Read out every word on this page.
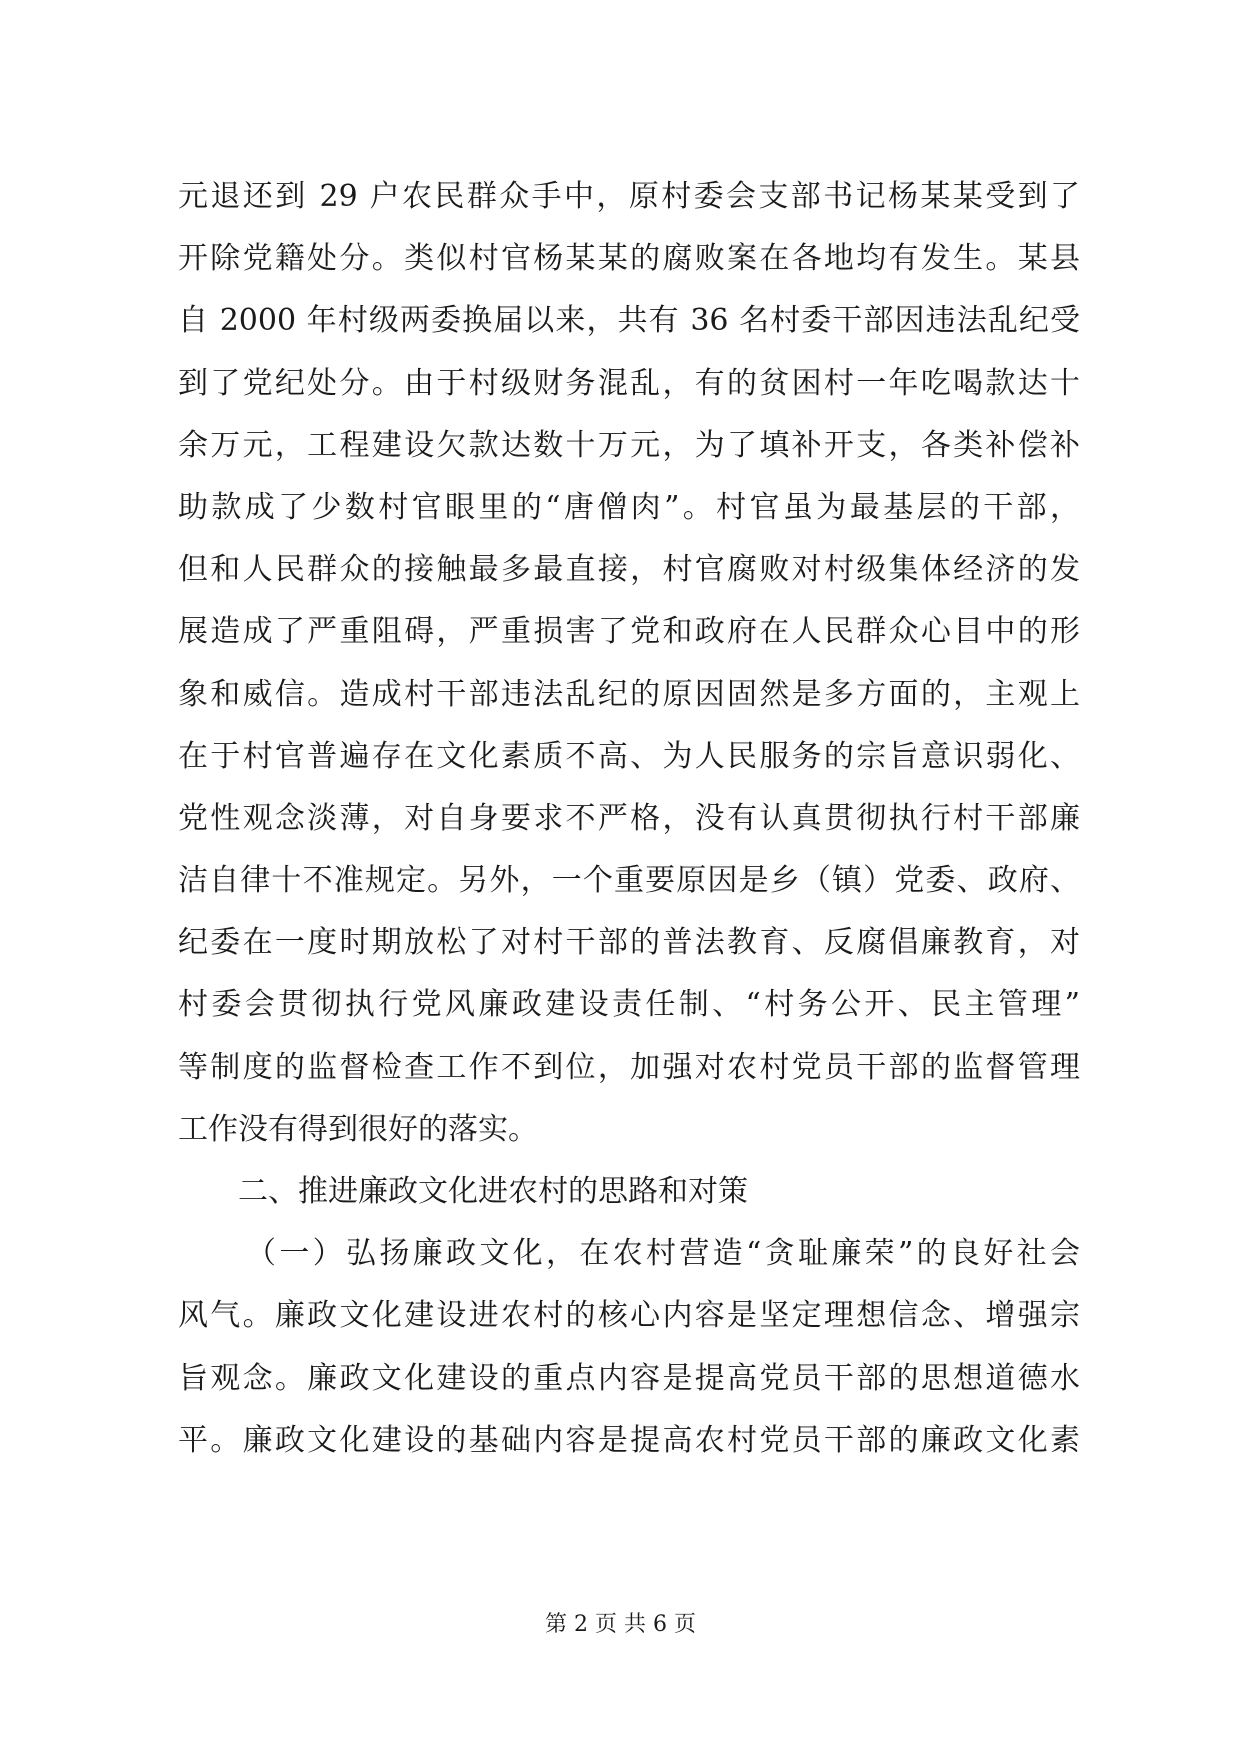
元退还到 29 户农民群众手中，原村委会支部书记杨某某受到了
开除党籍处分。类似村官杨某某的腐败案在各地均有发生。某县
自 2000 年村级两委换届以来，共有 36 名村委干部因违法乱纪受
到了党纪处分。由于村级财务混乱，有的贫困村一年吃喝款达十
余万元，工程建设欠款达数十万元，为了填补开支，各类补偿补
助款成了少数村官眼里的“唐僧肉”。村官虽为最基层的干部，
但和人民群众的接触最多最直接，村官腐败对村级集体经济的发
展造成了严重阻碍，严重损害了党和政府在人民群众心目中的形
象和威信。造成村干部违法乱纪的原因固然是多方面的，主观上
在于村官普遍存在文化素质不高、为人民服务的宗旨意识弱化、
党性观念淡薄，对自身要求不严格，没有认真贯彻执行村干部廉
洁自律十不准规定。另外，一个重要原因是乡（镇）党委、政府、
纪委在一度时期放松了对村干部的普法教育、反腐倡廉教育，对
村委会贯彻执行党风廉政建设责任制、“村务公开、民主管理”
等制度的监督检查工作不到位，加强对农村党员干部的监督管理
工作没有得到很好的落实。
二、推进廉政文化进农村的思路和对策
（一）弘扬廉政文化，在农村营造“贪耻廉荣”的良好社会
风气。廉政文化建设进农村的核心内容是坚定理想信念、增强宗
旨观念。廉政文化建设的重点内容是提高党员干部的思想道德水
平。廉政文化建设的基础内容是提高农村党员干部的廉政文化素
第 2 页 共 6 页
